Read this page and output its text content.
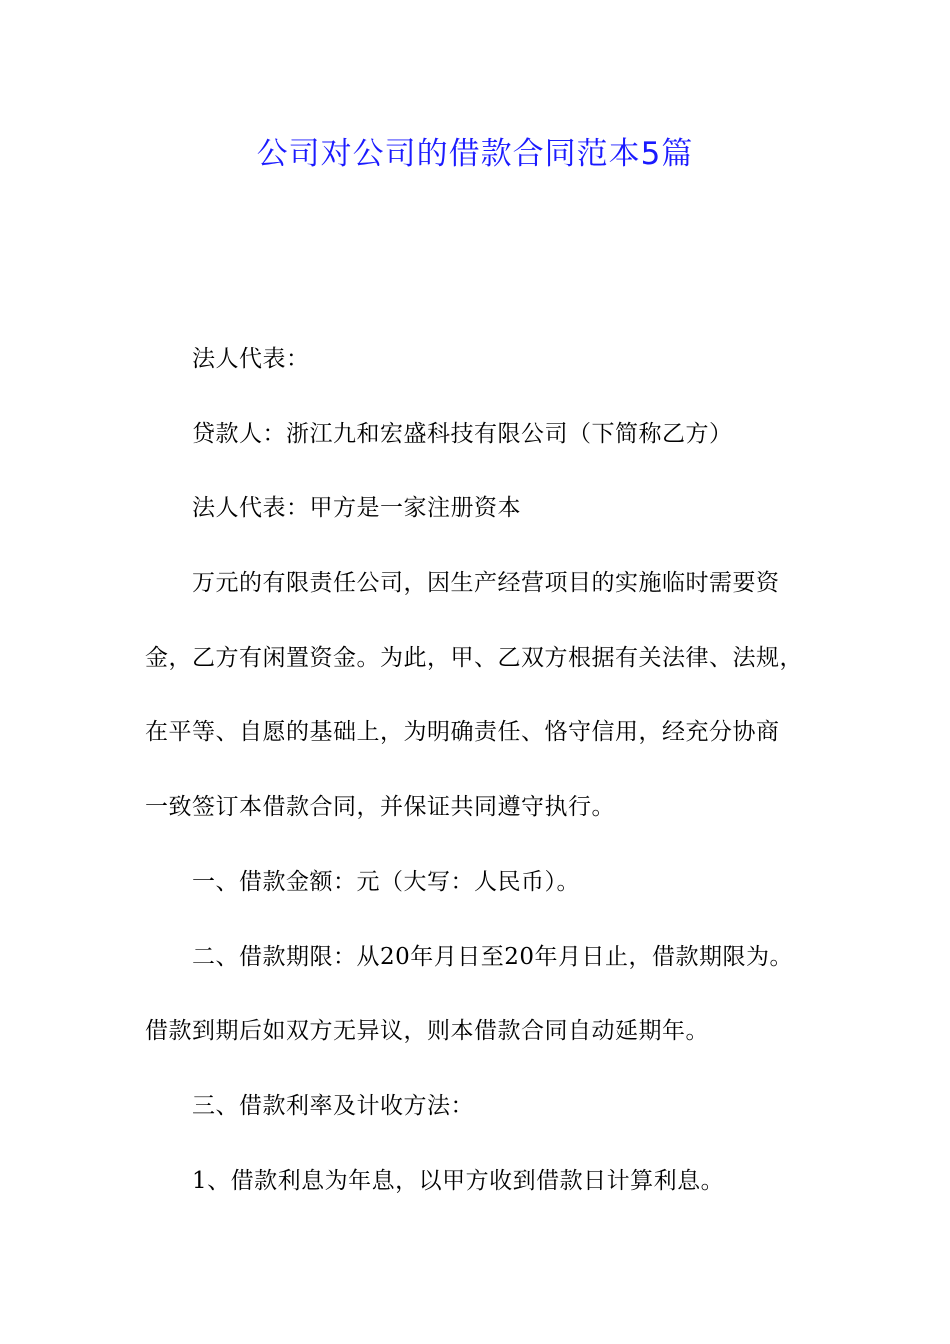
公司对公司的借款合同范本5篇

法人代表：

贷款人：浙江九和宏盛科技有限公司（下简称乙方）

法人代表：甲方是一家注册资本

万元的有限责任公司，因生产经营项目的实施临时需要资

金，乙方有闲置资金。为此，甲、乙双方根据有关法律、法规，

在平等、自愿的基础上，为明确责任、恪守信用，经充分协商

一致签订本借款合同，并保证共同遵守执行。

一、借款金额：元（大写：人民币）。

二、借款期限：从20年月日至20年月日止，借款期限为。

借款到期后如双方无异议，则本借款合同自动延期年。

三、借款利率及计收方法：

1、借款利息为年息，以甲方收到借款日计算利息。
